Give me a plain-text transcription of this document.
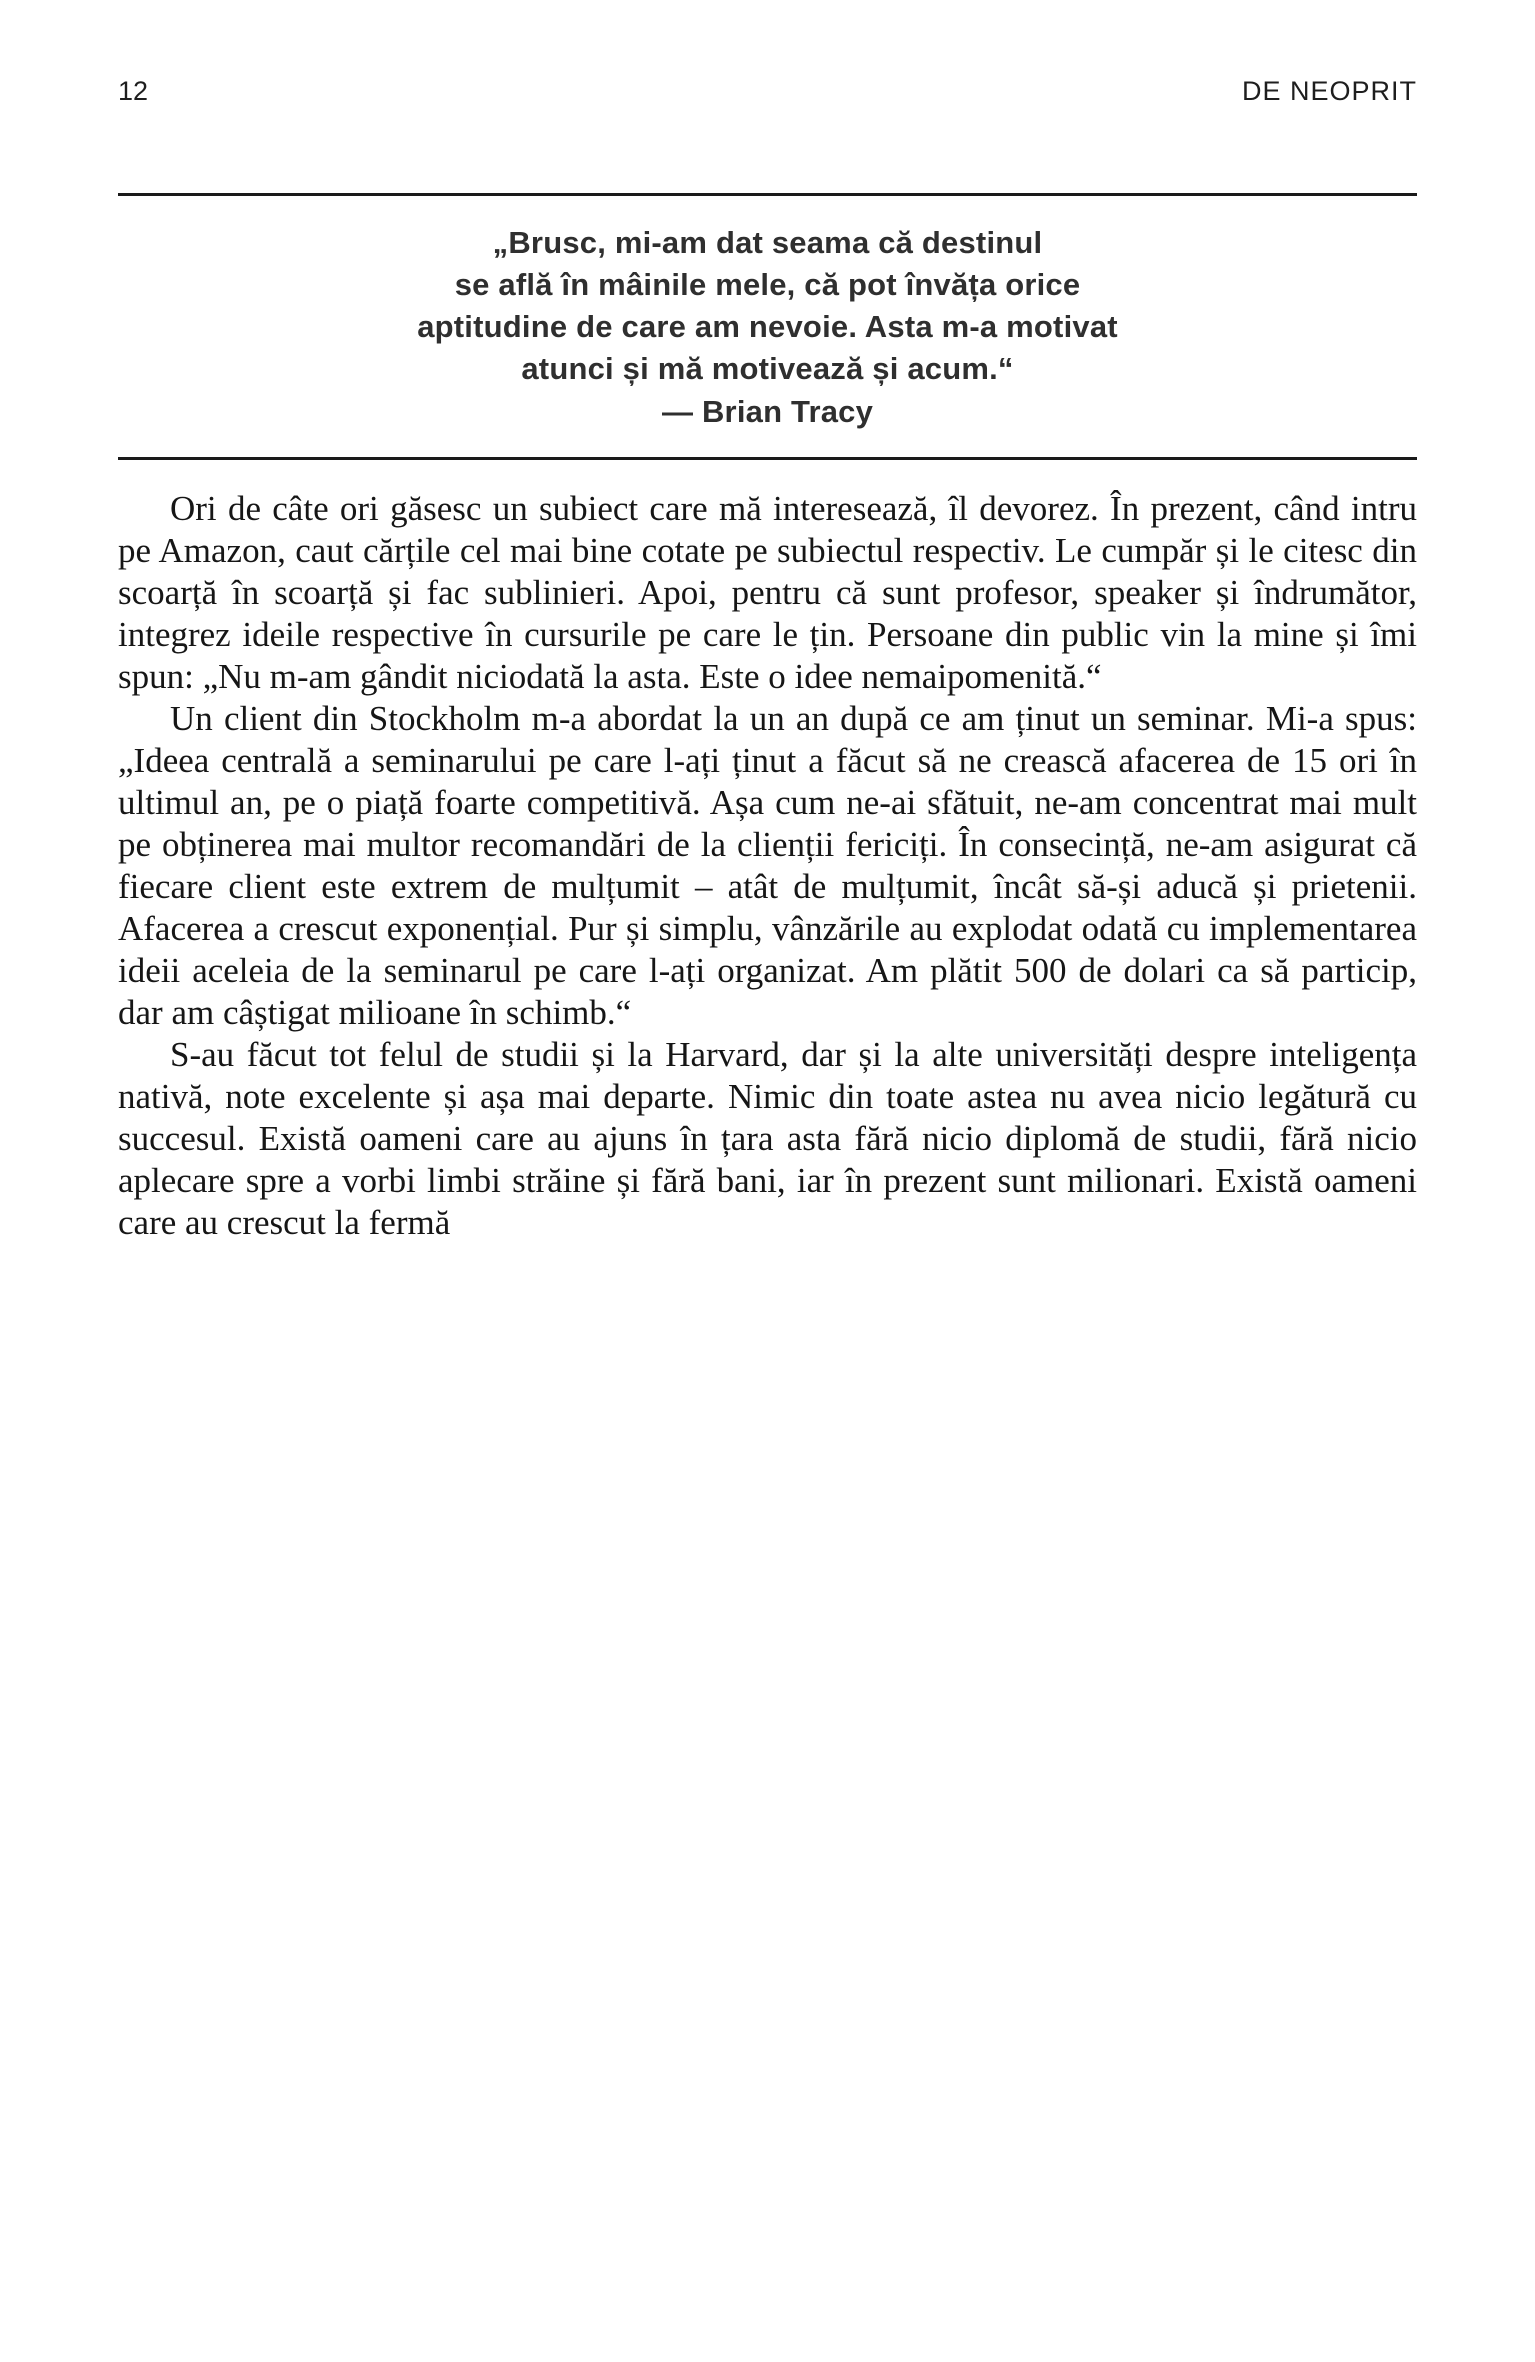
12	DE NEOPRIT
„Brusc, mi-am dat seama că destinul
se află în mâinile mele, că pot învăța orice
aptitudine de care am nevoie. Asta m-a motivat
atunci și mă motivează și acum.“
— Brian Tracy

Ori de câte ori găsesc un subiect care mă interesează, îl devorez. În prezent, când intru pe Amazon, caut cărțile cel mai bine cotate pe subiectul respectiv. Le cumpăr și le citesc din scoarță în scoarță și fac sublinieri. Apoi, pentru că sunt profesor, speaker și îndrumător, integrez ideile respective în cursurile pe care le țin. Persoane din public vin la mine și îmi spun: „Nu m-am gândit niciodată la asta. Este o idee nemaipomenită.“

Un client din Stockholm m-a abordat la un an după ce am ținut un seminar. Mi-a spus: „Ideea centrală a seminarului pe care l-ați ținut a făcut să ne crească afacerea de 15 ori în ultimul an, pe o piață foarte competitivă. Așa cum ne-ai sfătuit, ne-am concentrat mai mult pe obținerea mai multor recomandări de la clienții fericiți. În consecință, ne-am asigurat că fiecare client este extrem de mulțumit – atât de mulțumit, încât să-și aducă și prietenii. Afacerea a crescut exponențial. Pur și simplu, vânzările au explodat odată cu implementarea ideii aceleia de la seminarul pe care l-ați organizat. Am plătit 500 de dolari ca să particip, dar am câștigat milioane în schimb.“

S-au făcut tot felul de studii și la Harvard, dar și la alte universități despre inteligența nativă, note excelente și așa mai departe. Nimic din toate astea nu avea nicio legătură cu succesul. Există oameni care au ajuns în țara asta fără nicio diplomă de studii, fără nicio aplecare spre a vorbi limbi străine și fără bani, iar în prezent sunt milionari. Există oameni care au crescut la fermă
